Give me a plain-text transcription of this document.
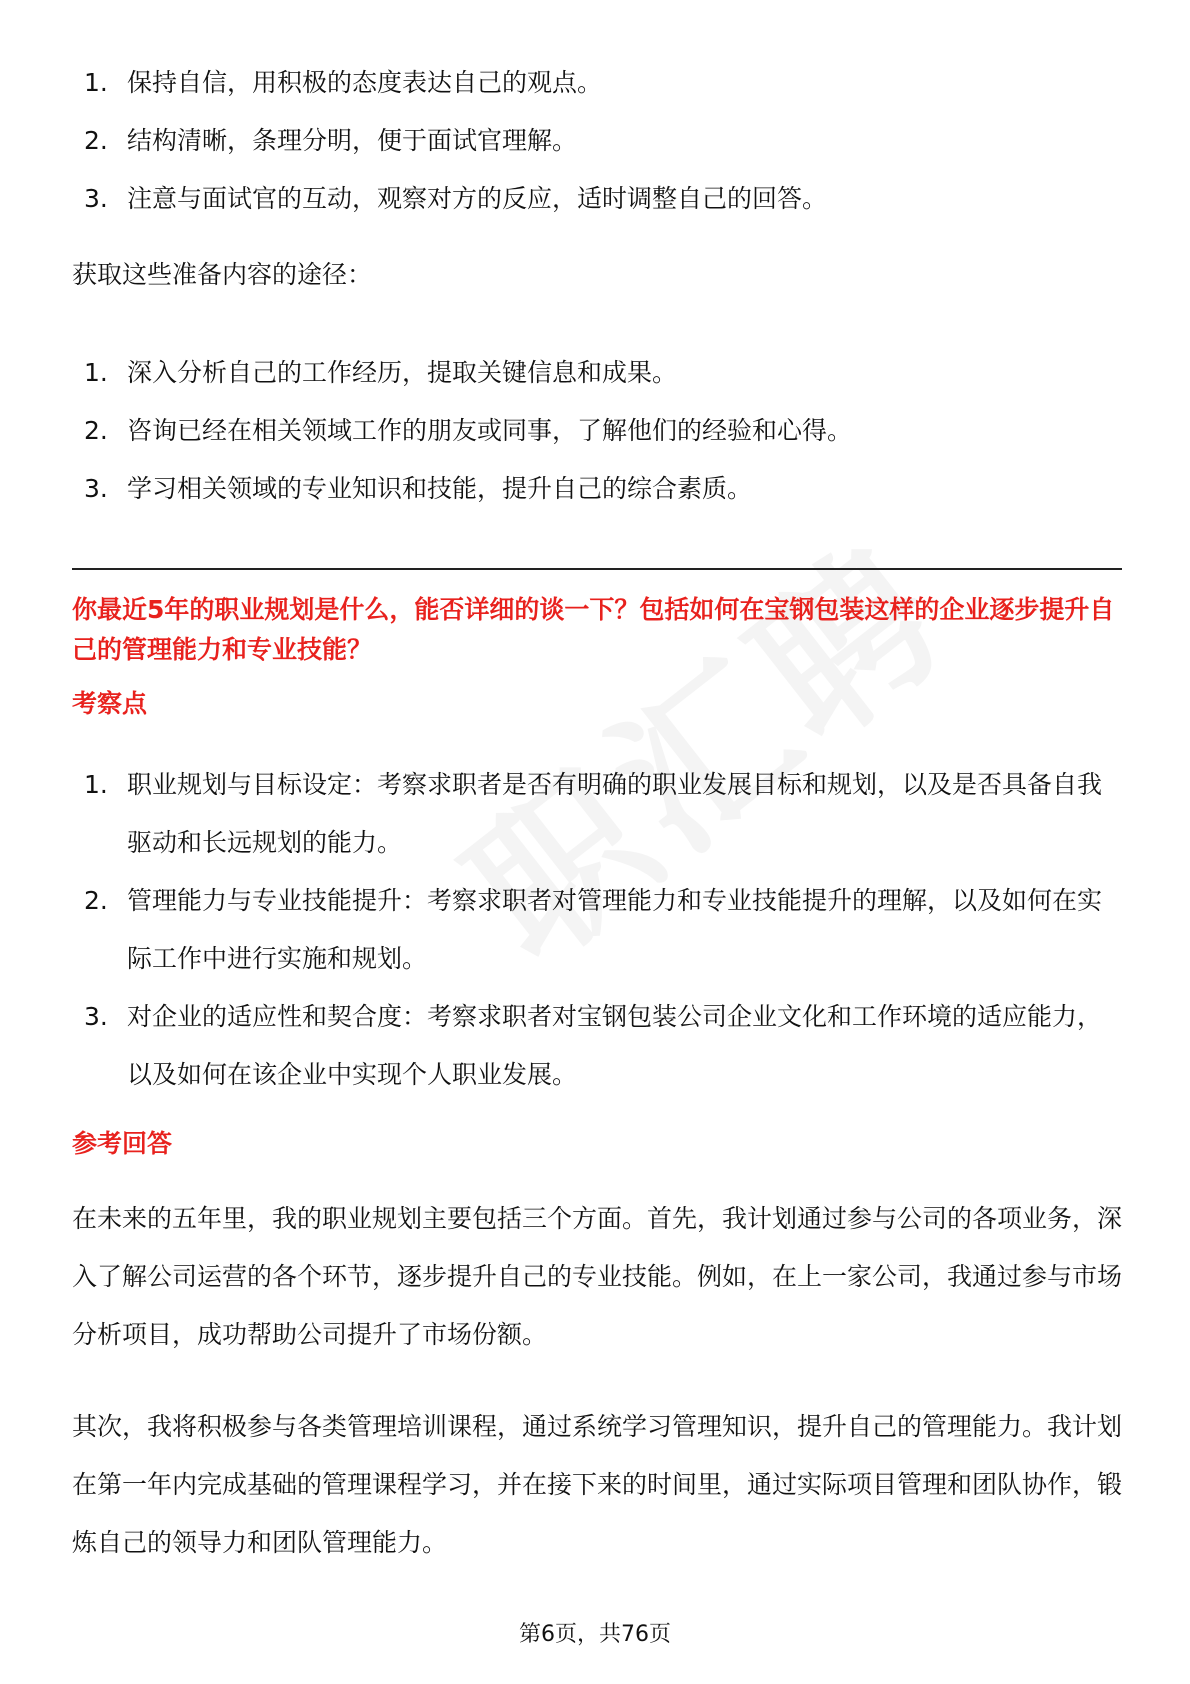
1. 保持自信，用积极的态度表达自己的观点。
2. 结构清晰，条理分明，便于面试官理解。
3. 注意与面试官的互动，观察对方的反应，适时调整自己的回答。
获取这些准备内容的途径：
1. 深入分析自己的工作经历，提取关键信息和成果。
2. 咨询已经在相关领域工作的朋友或同事，了解他们的经验和心得。
3. 学习相关领域的专业知识和技能，提升自己的综合素质。
你最近5年的职业规划是什么，能否详细的谈一下？包括如何在宝钢包装这样的企业逐步提升自己的管理能力和专业技能？
考察点
1. 职业规划与目标设定：考察求职者是否有明确的职业发展目标和规划，以及是否具备自我驱动和长远规划的能力。
2. 管理能力与专业技能提升：考察求职者对管理能力和专业技能提升的理解，以及如何在实际工作中进行实施和规划。
3. 对企业的适应性和契合度：考察求职者对宝钢包装公司企业文化和工作环境的适应能力，以及如何在该企业中实现个人职业发展。
参考回答

在未来的五年里，我的职业规划主要包括三个方面。首先，我计划通过参与公司的各项业务，深入了解公司运营的各个环节，逐步提升自己的专业技能。例如，在上一家公司，我通过参与市场分析项目，成功帮助公司提升了市场份额。

其次，我将积极参与各类管理培训课程，通过系统学习管理知识，提升自己的管理能力。我计划在第一年内完成基础的管理课程学习，并在接下来的时间里，通过实际项目管理和团队协作，锻炼自己的领导力和团队管理能力。

第6页，共76页
